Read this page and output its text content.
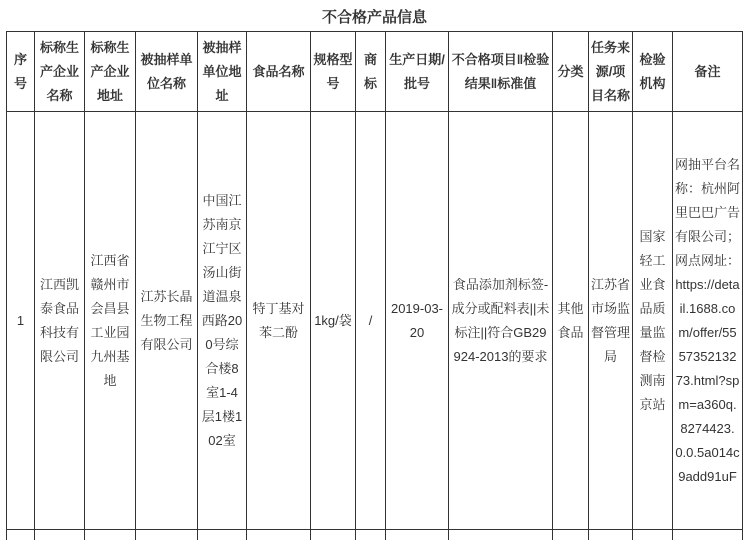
不合格产品信息
序号	标称生产企业名称	标称生产企业地址	被抽样单位名称	被抽样单位地址	食品名称	规格型号	商标	生产日期/批号	不合格项目‖检验结果‖标准值	分类	任务来源/项目名称	检验机构	备注
1	江西凯泰食品科技有限公司	江西省赣州市会昌县工业园九州基地	江苏长晶生物工程有限公司	中国江苏南京江宁区汤山街道温泉西路200号综合楼8室1-4层1楼102室	特丁基对苯二酚	1kg/袋	/	2019-03-20	食品添加剂标签-成分或配料表||未标注||符合GB29924-2013的要求	其他食品	江苏省市场监督管理局	国家轻工业食品质量监督检测南京站	网抽平台名称：杭州阿里巴巴广告有限公司；
网点网址：https://detail.1688.com/offer/555735213273.html?spm=a360q.8274423.0.0.5a014c9add91uF
